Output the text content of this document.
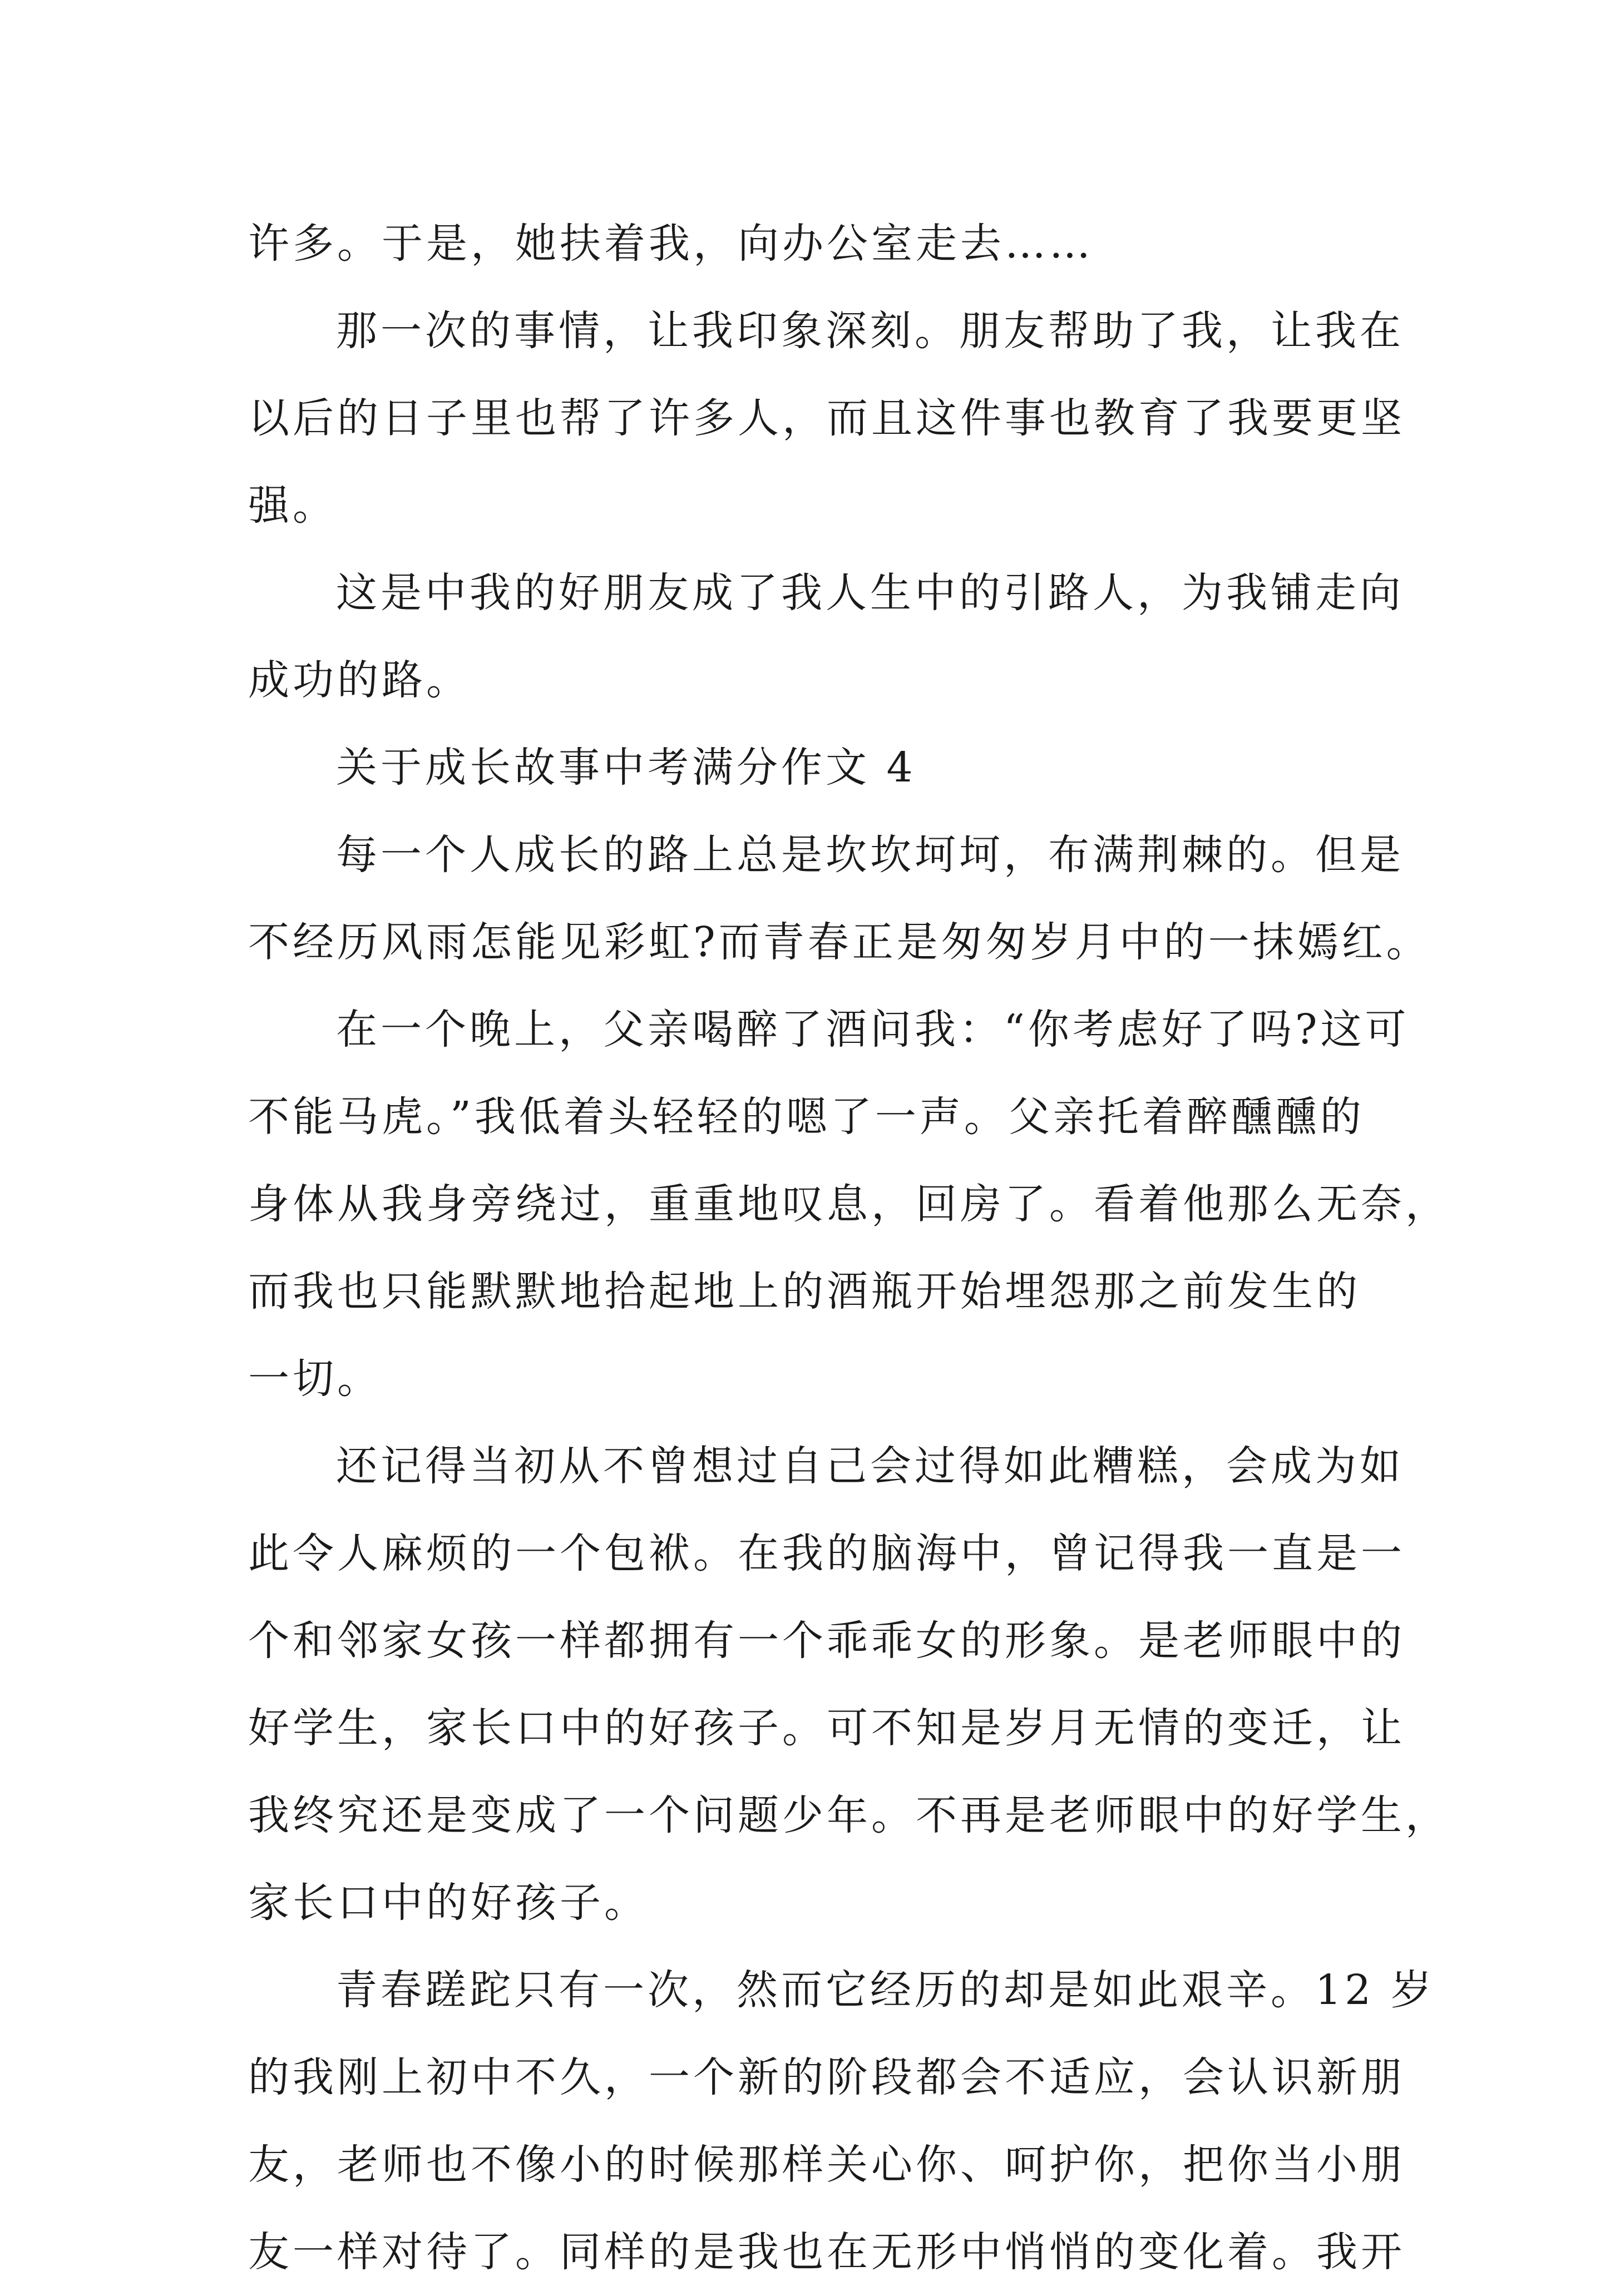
许多。于是，她扶着我，向办公室走去……
那一次的事情，让我印象深刻。朋友帮助了我，让我在
以后的日子里也帮了许多人，而且这件事也教育了我要更坚
强。
这是中我的好朋友成了我人生中的引路人，为我铺走向
成功的路。
关于成长故事中考满分作文 4
每一个人成长的路上总是坎坎坷坷，布满荆棘的。但是
不经历风雨怎能见彩虹?而青春正是匆匆岁月中的一抹嫣红。
在一个晚上，父亲喝醉了酒问我：“你考虑好了吗?这可
不能马虎。”我低着头轻轻的嗯了一声。父亲托着醉醺醺的
身体从我身旁绕过，重重地叹息，回房了。看着他那么无奈，
而我也只能默默地拾起地上的酒瓶开始埋怨那之前发生的
一切。
还记得当初从不曾想过自己会过得如此糟糕，会成为如
此令人麻烦的一个包袱。在我的脑海中，曾记得我一直是一
个和邻家女孩一样都拥有一个乖乖女的形象。是老师眼中的
好学生，家长口中的好孩子。可不知是岁月无情的变迁，让
我终究还是变成了一个问题少年。不再是老师眼中的好学生，
家长口中的好孩子。
青春蹉跎只有一次，然而它经历的却是如此艰辛。12 岁
的我刚上初中不久，一个新的阶段都会不适应，会认识新朋
友，老师也不像小的时候那样关心你、呵护你，把你当小朋
友一样对待了。同样的是我也在无形中悄悄的变化着。我开
